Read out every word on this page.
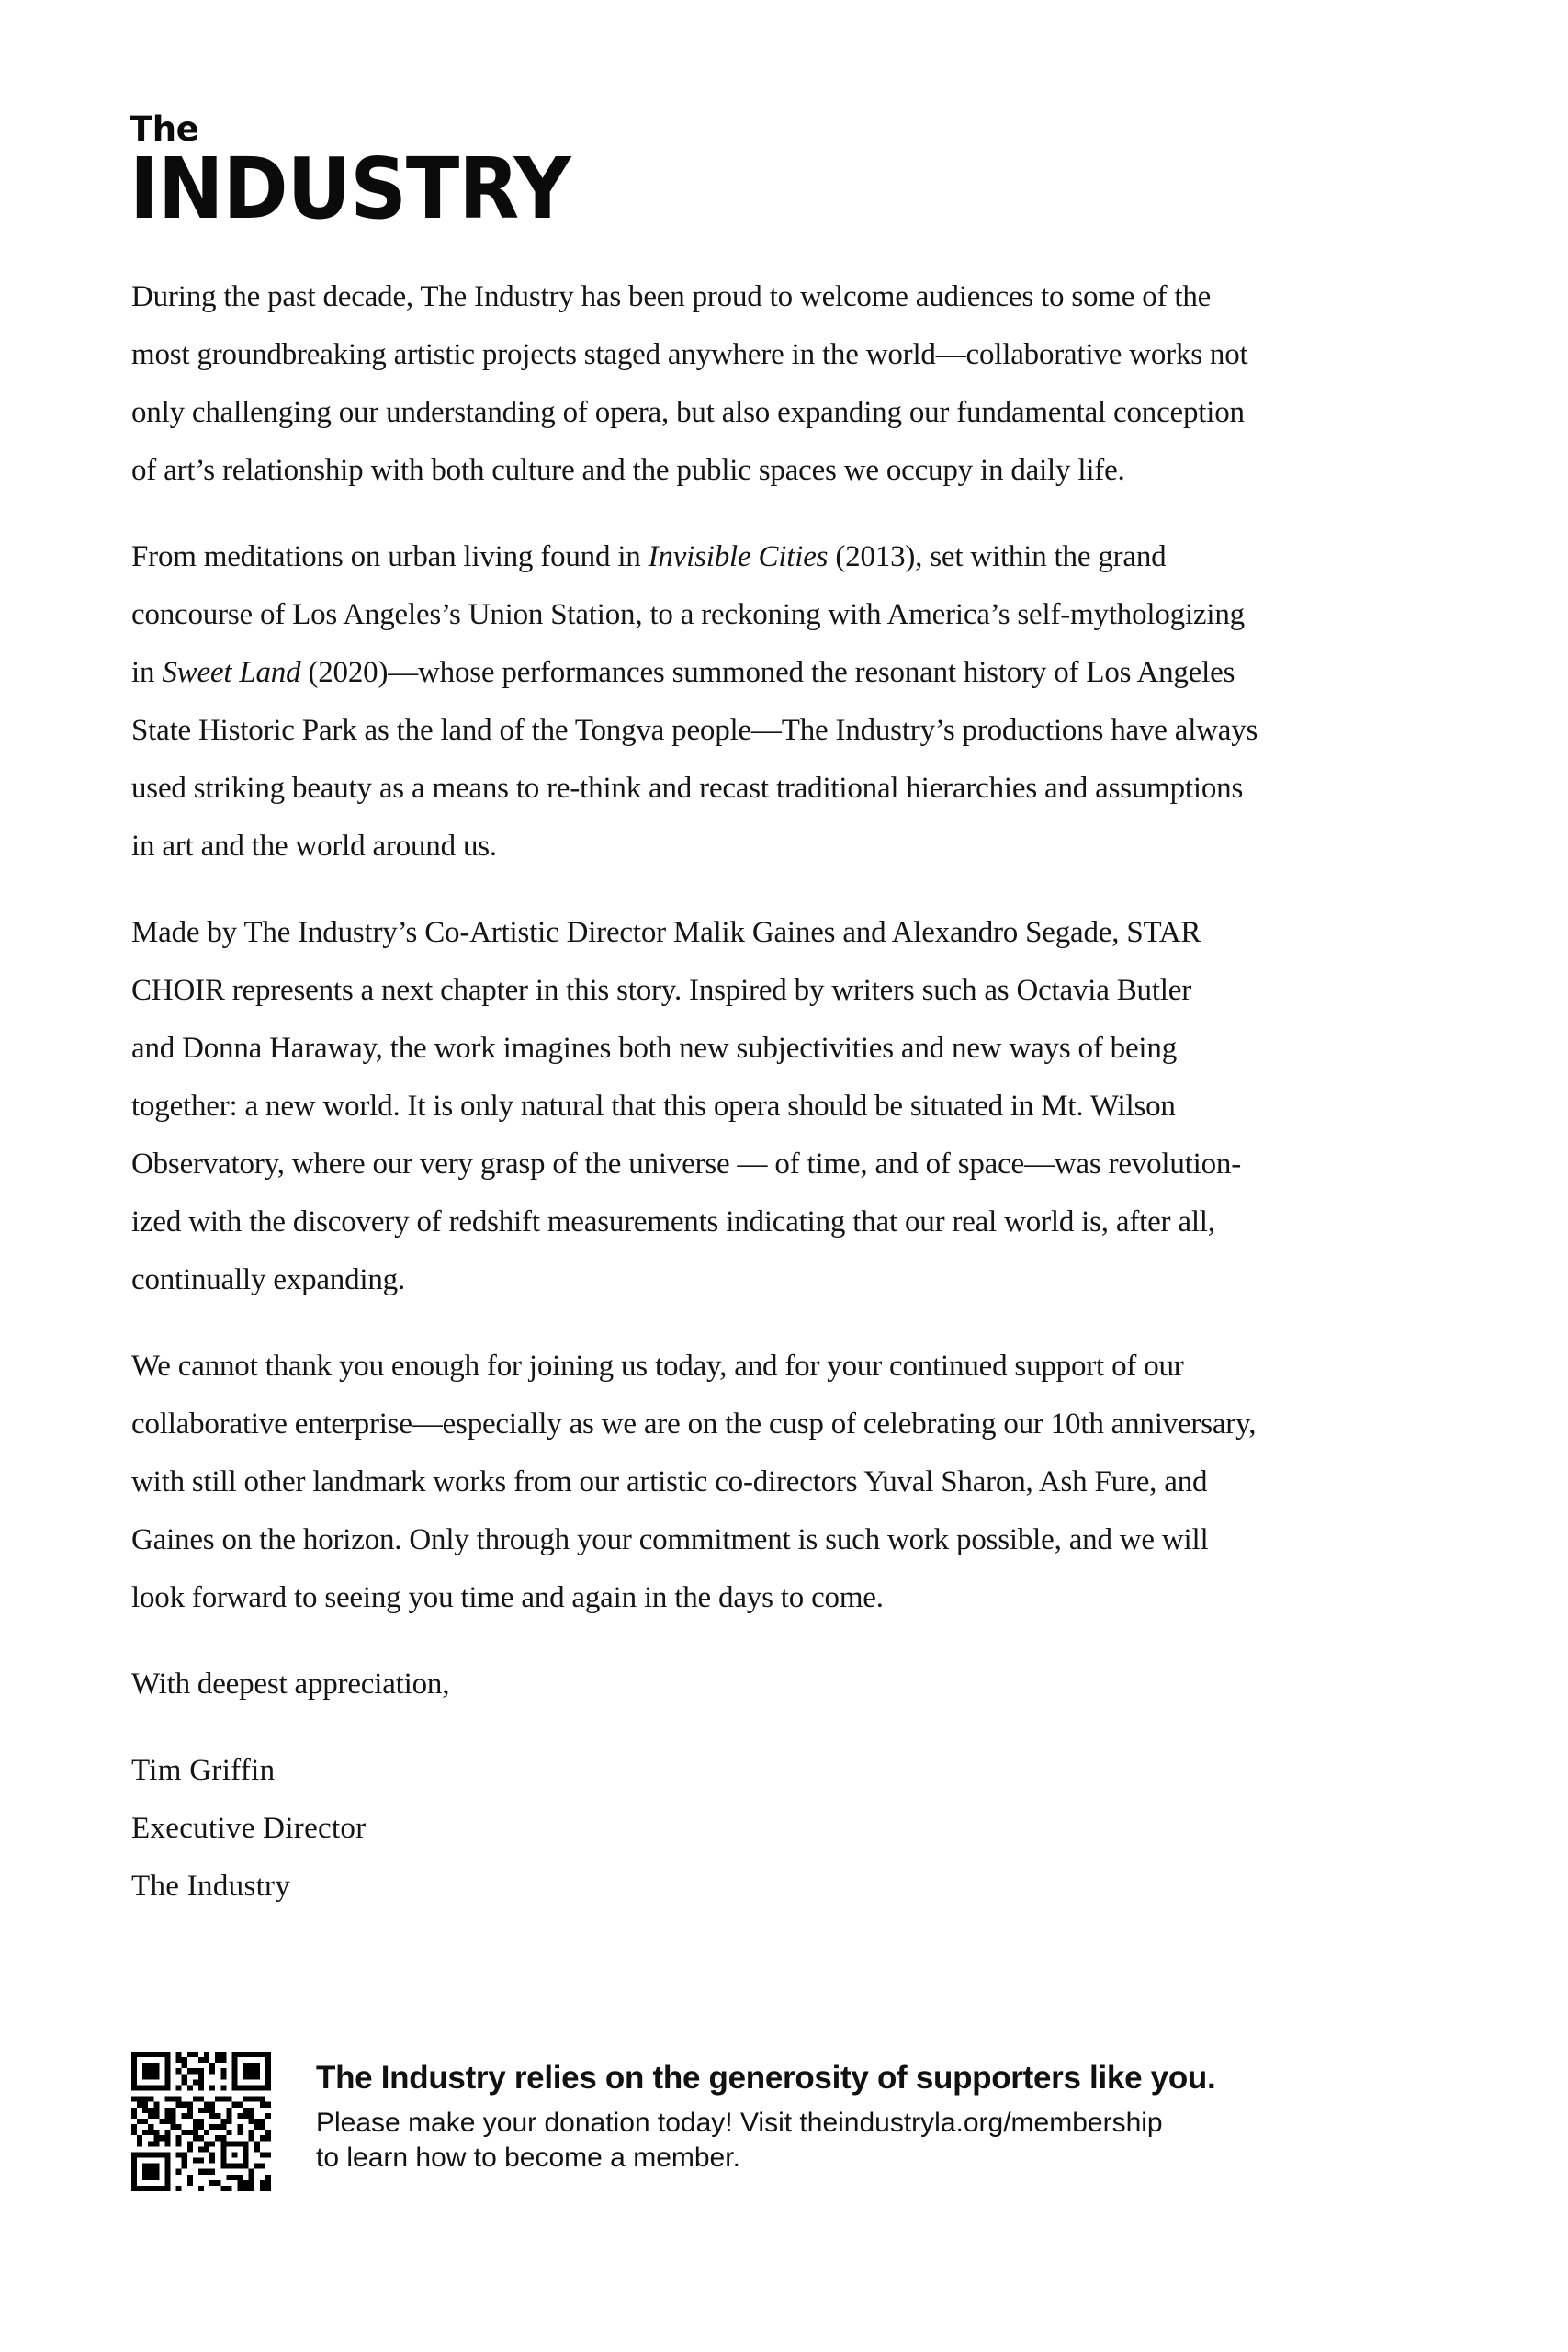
The
INDUSTRY
During the past decade, The Industry has been proud to welcome audiences to some of the
most groundbreaking artistic projects staged anywhere in the world—collaborative works not
only challenging our understanding of opera, but also expanding our fundamental conception
of art’s relationship with both culture and the public spaces we occupy in daily life.
From meditations on urban living found in Invisible Cities (2013), set within the grand
concourse of Los Angeles’s Union Station, to a reckoning with America’s self-mythologizing
in Sweet Land (2020)—whose performances summoned the resonant history of Los Angeles
State Historic Park as the land of the Tongva people—The Industry’s productions have always
used striking beauty as a means to re-think and recast traditional hierarchies and assumptions
in art and the world around us.
Made by The Industry’s Co-Artistic Director Malik Gaines and Alexandro Segade, STAR
CHOIR represents a next chapter in this story. Inspired by writers such as Octavia Butler
and Donna Haraway, the work imagines both new subjectivities and new ways of being
together: a new world. It is only natural that this opera should be situated in Mt. Wilson
Observatory, where our very grasp of the universe — of time, and of space—was revolution-
ized with the discovery of redshift measurements indicating that our real world is, after all,
continually expanding.
We cannot thank you enough for joining us today, and for your continued support of our
collaborative enterprise—especially as we are on the cusp of celebrating our 10th anniversary,
with still other landmark works from our artistic co-directors Yuval Sharon, Ash Fure, and
Gaines on the horizon. Only through your commitment is such work possible, and we will
look forward to seeing you time and again in the days to come.
With deepest appreciation,
Tim Griffin
Executive Director
The Industry
The Industry relies on the generosity of supporters like you.
Please make your donation today! Visit theindustryla.org/membership
to learn how to become a member.
